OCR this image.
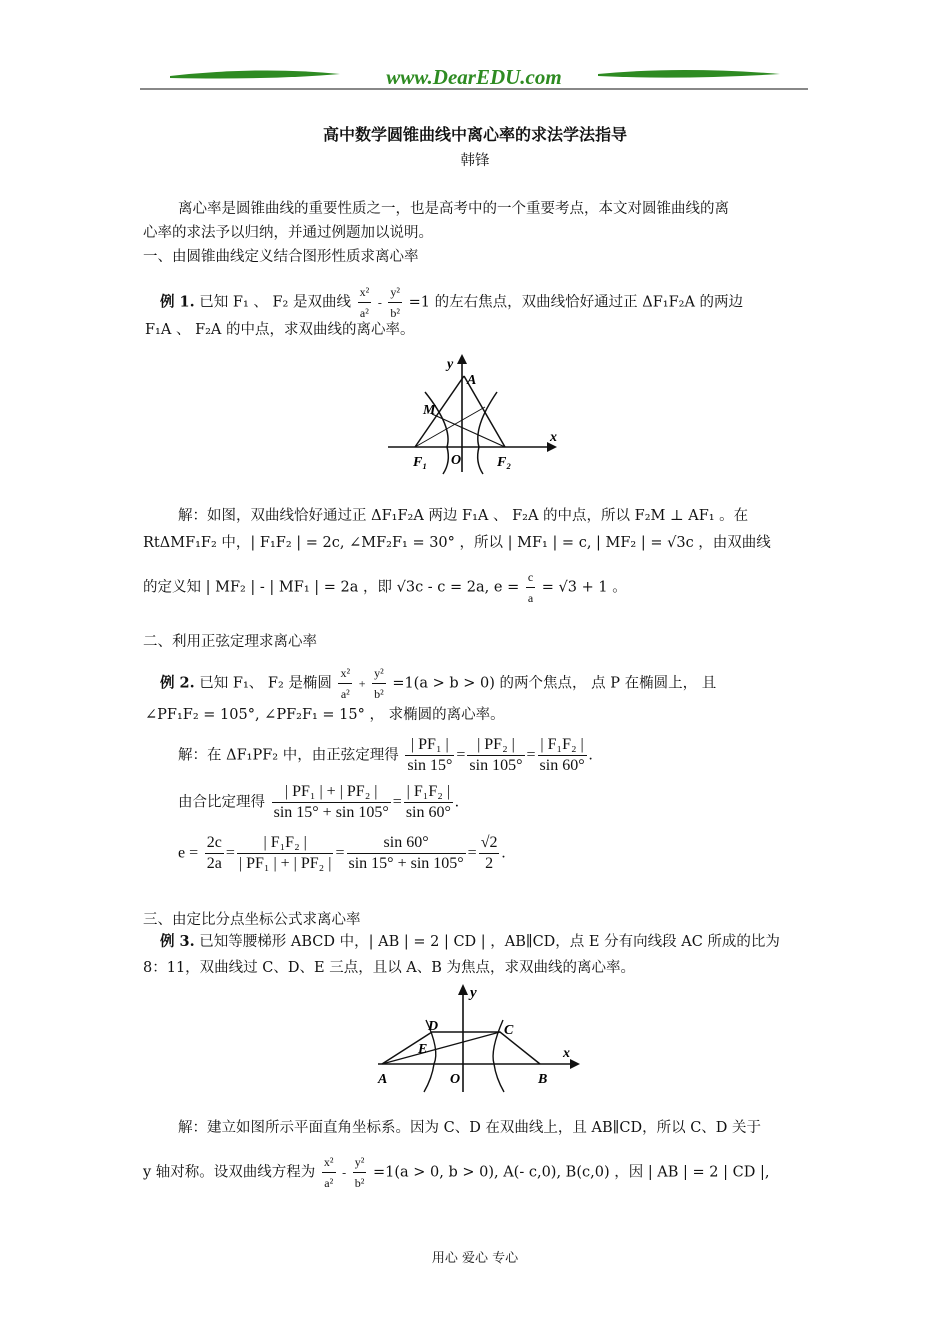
www.DearEDU.com
高中数学圆锥曲线中离心率的求法学法指导
韩锋
离心率是圆锥曲线的重要性质之一，也是高考中的一个重要考点，本文对圆锥曲线的离
心率的求法予以归纳，并通过例题加以说明。
一、由圆锥曲线定义结合图形性质求离心率
例 1. 已知 F₁ 、 F₂ 是双曲线 $\frac{\text{x²}}{\text{a²}} - \frac{\text{y²}}{\text{b²}} =1$ 的左右焦点，双曲线恰好通过正 ΔF₁F₂A 的两边
F₁A 、 F₂A 的中点，求双曲线的离心率。
y
A
M
x
F₁ O	F₂
解：如图，双曲线恰好通过正 ΔF₁F₂A 两边 F₁A 、 F₂A 的中点，所以 F₂M ⊥ AF₁ 。在
RtΔMF₁F₂ 中，| F₁F₂ | = 2c, ∠MF₂F₁ = 30° ，所以 | MF₁ | = c, | MF₂ | = √3c ，由双曲线
的定义知 | MF₂ | - | MF₁ | = 2a ，即 √3c - c = 2a, $e = \frac{c}{a} = √3 + 1$ 。
二、利用正弦定理求离心率
例 2. 已知 F₁、 F₂ 是椭圆 $\frac{\text{x²}}{\text{a²}} + \frac{\text{y²}}{\text{b²}} =1(a > b > 0)$ 的两个焦点， 点 P 在椭圆上， 且
∠PF₁F₂ = 105°, ∠PF₂F₁ = 15° ， 求椭圆的离心率。
解：在 ΔF₁PF₂ 中，由正弦定理得 $\frac{\text{| PF₁ |}}{\sin 15^\circ} = \frac{\text{| PF₂ |}}{\sin 105^\circ} = \frac{\text{| F₁F₂ |}}{\sin 60^\circ}$ .
由合比定理得 $\frac{\text{| PF₁ | + | PF₂ |}}{\sin 15^\circ + \sin 105^\circ} = \frac{\text{| F₁F₂ |}}{\sin 60^\circ}$ .
$e = \frac{2c}{2a} = \frac{\text{| F₁F₂ |}}{\text{| PF₁ | + | PF₂ |}} = \frac{\sin 60^\circ}{\sin 15^\circ + \sin 105^\circ} = \frac{√2}{2}$ .
三、由定比分点坐标公式求离心率
例 3. 已知等腰梯形 ABCD 中，| AB | = 2 | CD | ，AB∥CD，点 E 分有向线段 AC 所成的比为
8：11，双曲线过 C、D、E 三点，且以 A、B 为焦点，求双曲线的离心率。
y
D	C
E	x
A	O	B
解：建立如图所示平面直角坐标系。因为 C、D 在双曲线上，且 AB∥CD，所以 C、D 关于
y 轴对称。设双曲线方程为 $\frac{\text{x²}}{\text{a²}} - \frac{\text{y²}}{\text{b²}} =1(a > 0$, b > 0), A(- c,0), B(c,0) ，因 | AB | = 2 | CD |,
用心 爱心 专心
